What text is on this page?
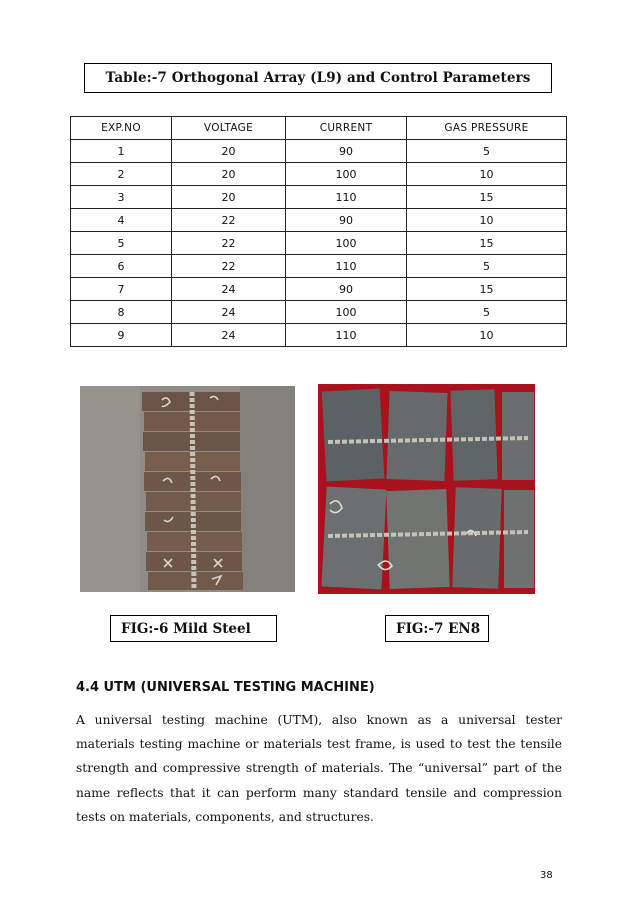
Table:-7 Orthogonal Array (L9) and Control Parameters
EXP.NO	VOLTAGE	CURRENT	GAS PRESSURE
1	20	90	5
2	20	100	10
3	20	110	15
4	22	90	10
5	22	100	15
6	22	110	5
7	24	90	15
8	24	100	5
9	24	110	10
FIG:-6 Mild Steel	FIG:-7 EN8
4.4 UTM (UNIVERSAL TESTING MACHINE)
A universal testing machine (UTM), also known as a universal tester materials testing machine or materials test frame, is used to test the tensile strength and compressive strength of materials. The “universal” part of the name reflects that it can perform many standard tensile and compression tests on materials, components, and structures.
38
